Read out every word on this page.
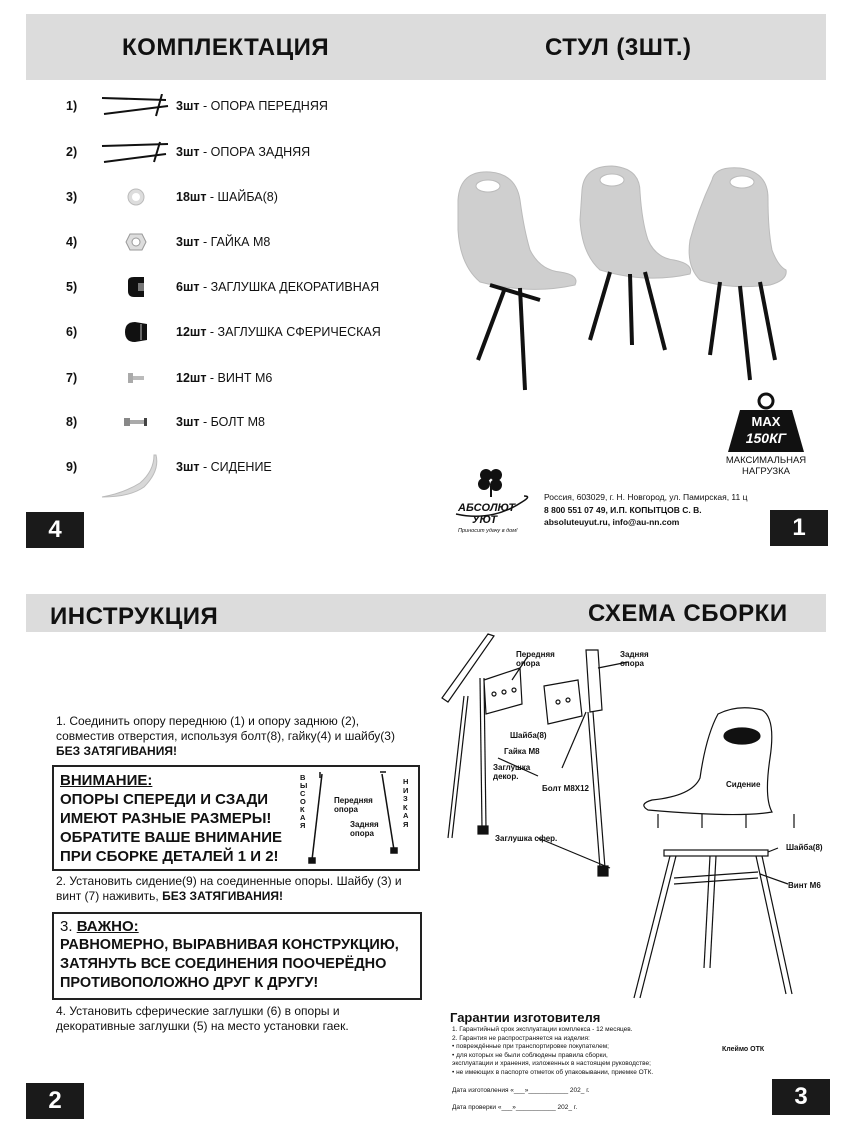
КОМПЛЕКТАЦИЯ	СТУЛ (3ШТ.)
1)	3шт - ОПОРА ПЕРЕДНЯЯ
2)	3шт - ОПОРА ЗАДНЯЯ
3)	18шт - ШАЙБА(8)
4)	3шт - ГАЙКА М8
5)	6шт - ЗАГЛУШКА ДЕКОРАТИВНАЯ
6)	12шт - ЗАГЛУШКА СФЕРИЧЕСКАЯ
7)	12шт - ВИНТ М6
8)	3шт - БОЛТ М8
9)	3шт - СИДЕНИЕ
4
MAX
150КГ
МАКСИМАЛЬНАЯ
НАГРУЗКА
АБСОЛЮТ
УЮТ
Приносит удачу в дом!
Россия, 603029, г. Н. Новгород, ул. Памирская, 11 ц
8 800 551 07 49, И.П. КОПЫТЦОВ С. В.
absoluteuyut.ru, info@au-nn.com	1
ИНСТРУКЦИЯ	СХЕМА СБОРКИ
1. Соединить опору переднюю (1) и опору заднюю (2), совместив отверстия, используя болт(8), гайку(4) и шайбу(3) БЕЗ ЗАТЯГИВАНИЯ!
ВНИМАНИЕ:
ОПОРЫ СПЕРЕДИ И СЗАДИ ИМЕЮТ РАЗНЫЕ РАЗМЕРЫ! ОБРАТИТЕ ВАШЕ ВНИМАНИЕ ПРИ СБОРКЕ ДЕТАЛЕЙ 1 И 2!
ВЫСОКАЯ
НИЗКАЯ
Передняя опора
Задняя опора
2. Установить сидение(9) на соединенные опоры. Шайбу (3) и винт (7) наживить, БЕЗ ЗАТЯГИВАНИЯ!
3. ВАЖНО:
РАВНОМЕРНО, ВЫРАВНИВАЯ КОНСТРУКЦИЮ, ЗАТЯНУТЬ ВСЕ СОЕДИНЕНИЯ ПООЧЕРЁДНО ПРОТИВОПОЛОЖНО ДРУГ К ДРУГУ!
4. Установить сферические заглушки (6) в опоры и декоративные заглушки (5) на место установки гаек.
2
Передняя опора
Задняя опора
Шайба(8)
Гайка М8
Заглушка декор.
Болт М8Х12
Заглушка сфер.
Сидение
Шайба(8)
Винт М6
Гарантии изготовителя
1. Гарантийный срок эксплуатации комплекса - 12 месяцев.
2. Гарантия не распространяется на изделия:
• повреждённые при транспортировке покупателем;
• для которых не были соблюдены правила сборки,
эксплуатации и хранения, изложенных в настоящем руководстве;
• не имеющих в паспорте отметок об упаковывании, приемке ОТК.
Клеймо ОТК
Дата изготовления «___»___________ 202_ г.
Дата проверки «___»___________ 202_ г.	3
